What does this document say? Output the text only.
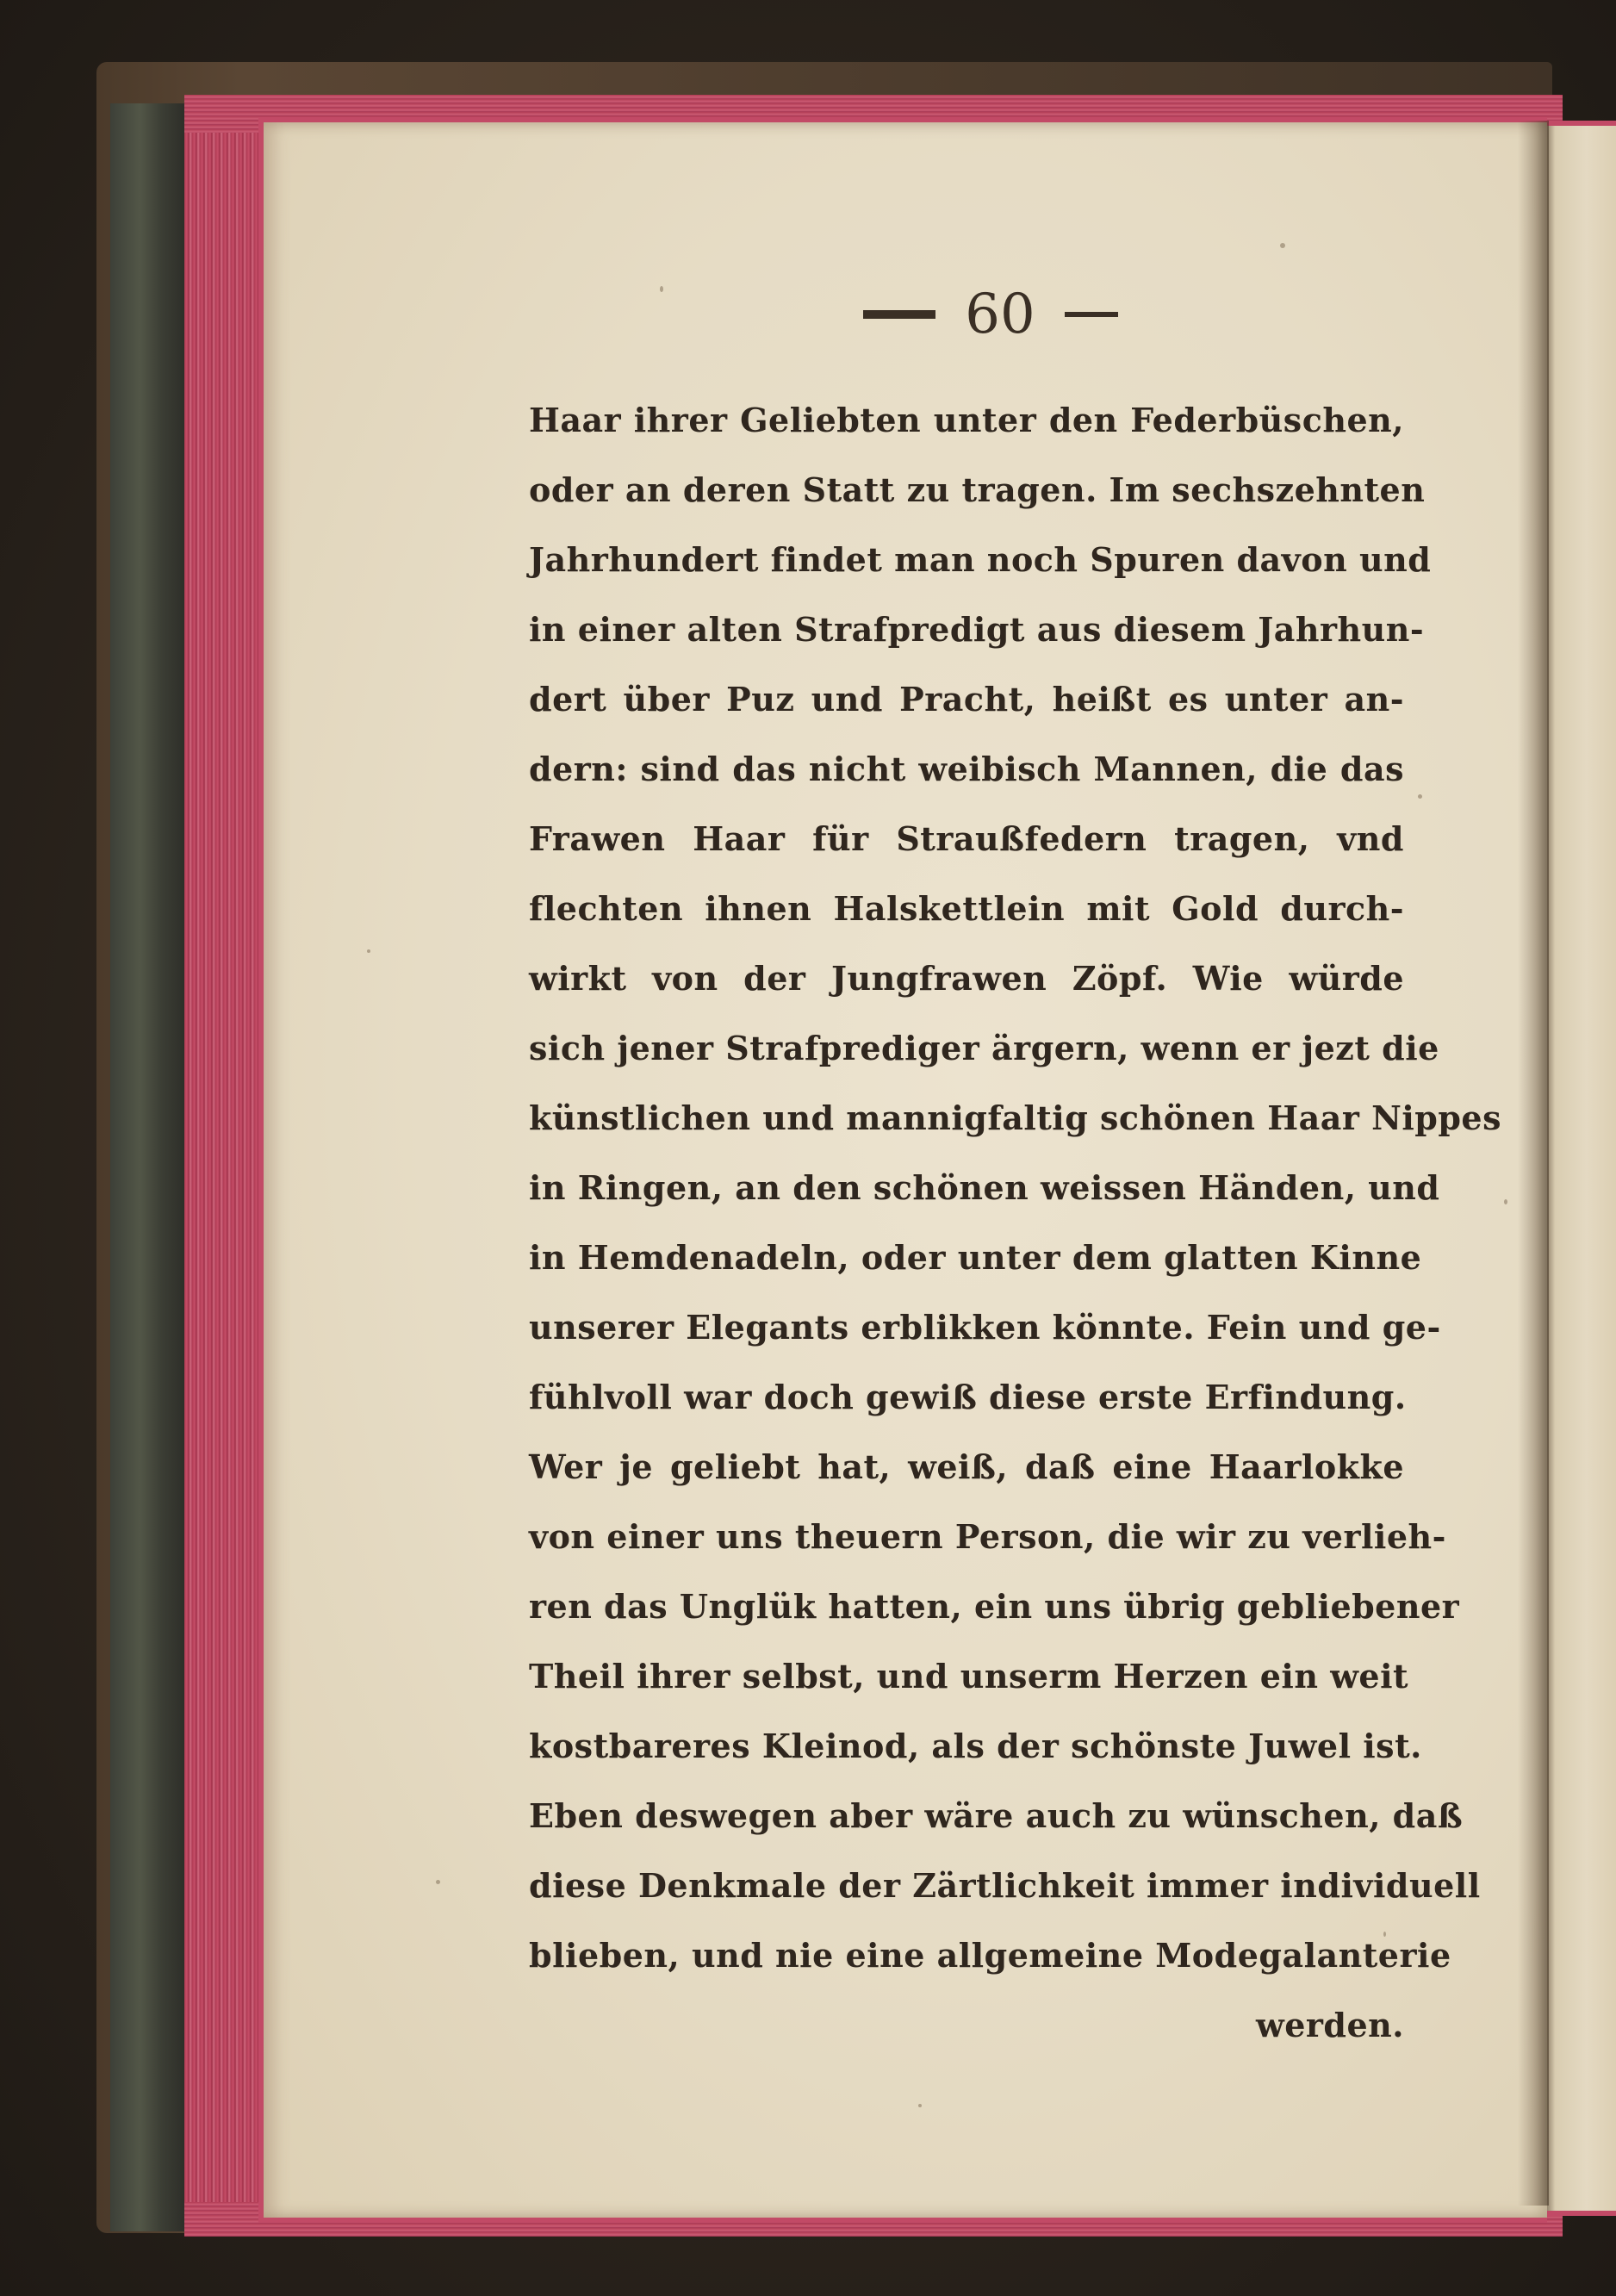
60
Haar ihrer Geliebten unter den Federbüschen,
oder an deren Statt zu tragen. Im sechszehnten
Jahrhundert findet man noch Spuren davon und
in einer alten Strafpredigt aus diesem Jahrhun-
dert über Puz und Pracht, heißt es unter an-
dern: sind das nicht weibisch Mannen, die das
Frawen Haar für Straußfedern tragen, vnd
flechten ihnen Halskettlein mit Gold durch-
wirkt von der Jungfrawen Zöpf. Wie würde
sich jener Strafprediger ärgern, wenn er jezt die
künstlichen und mannigfaltig schönen Haar Nippes
in Ringen, an den schönen weissen Händen, und
in Hemdenadeln, oder unter dem glatten Kinne
unserer Elegants erblikken könnte. Fein und ge-
fühlvoll war doch gewiß diese erste Erfindung.
Wer je geliebt hat, weiß, daß eine Haarlokke
von einer uns theuern Person, die wir zu verlieh-
ren das Unglük hatten, ein uns übrig gebliebener
Theil ihrer selbst, und unserm Herzen ein weit
kostbareres Kleinod, als der schönste Juwel ist.
Eben deswegen aber wäre auch zu wünschen, daß
diese Denkmale der Zärtlichkeit immer individuell
blieben, und nie eine allgemeine Modegalanterie
werden.
